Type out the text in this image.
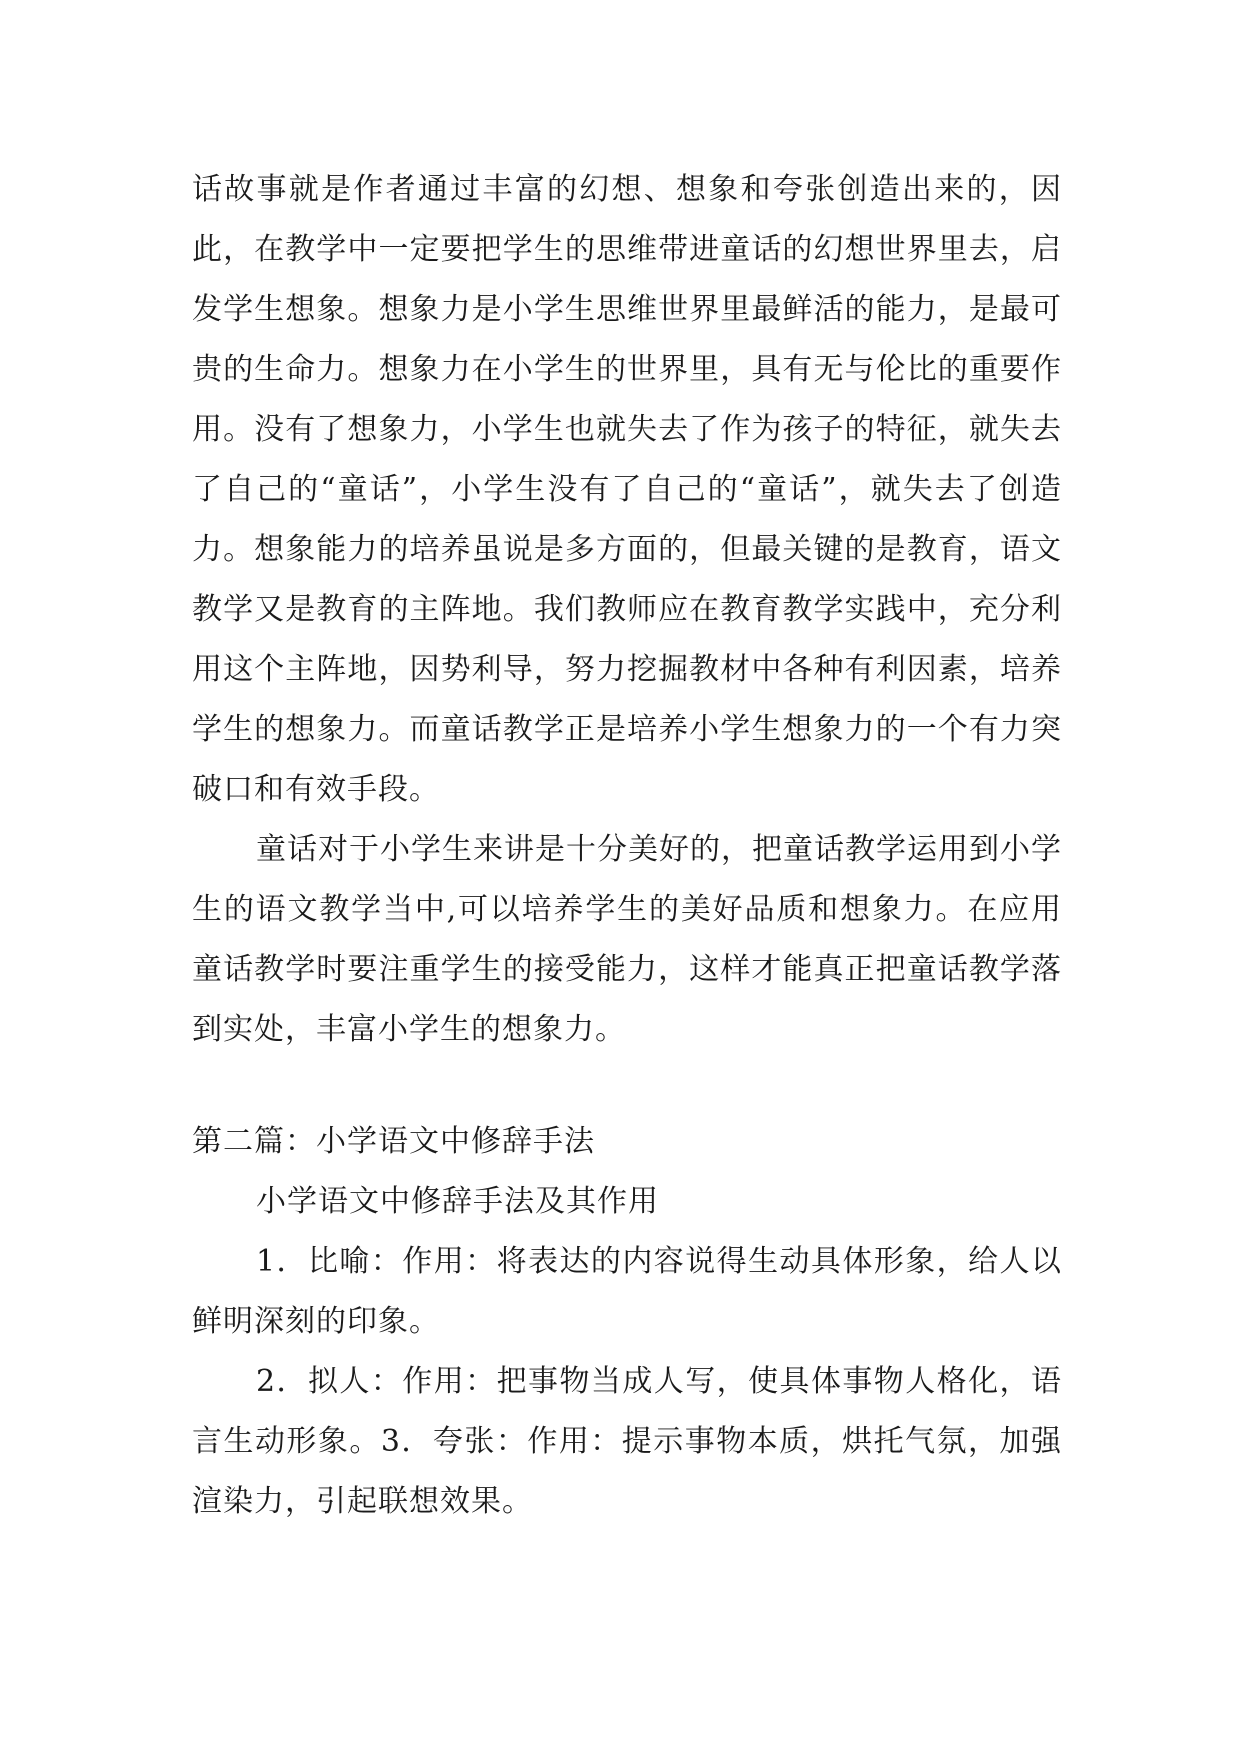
话故事就是作者通过丰富的幻想、想象和夸张创造出来的，因此，在教学中一定要把学生的思维带进童话的幻想世界里去，启发学生想象。想象力是小学生思维世界里最鲜活的能力，是最可贵的生命力。想象力在小学生的世界里，具有无与伦比的重要作用。没有了想象力，小学生也就失去了作为孩子的特征，就失去了自己的“童话”，小学生没有了自己的“童话”，就失去了创造力。想象能力的培养虽说是多方面的，但最关键的是教育，语文教学又是教育的主阵地。我们教师应在教育教学实践中，充分利用这个主阵地，因势利导，努力挖掘教材中各种有利因素，培养学生的想象力。而童话教学正是培养小学生想象力的一个有力突破口和有效手段。

童话对于小学生来讲是十分美好的，把童话教学运用到小学生的语文教学当中,可以培养学生的美好品质和想象力。在应用童话教学时要注重学生的接受能力，这样才能真正把童话教学落到实处，丰富小学生的想象力。

第二篇：小学语文中修辞手法

小学语文中修辞手法及其作用

1．比喻：作用：将表达的内容说得生动具体形象，给人以鲜明深刻的印象。

2．拟人：作用：把事物当成人写，使具体事物人格化，语言生动形象。3．夸张：作用：提示事物本质，烘托气氛，加强渲染力，引起联想效果。
